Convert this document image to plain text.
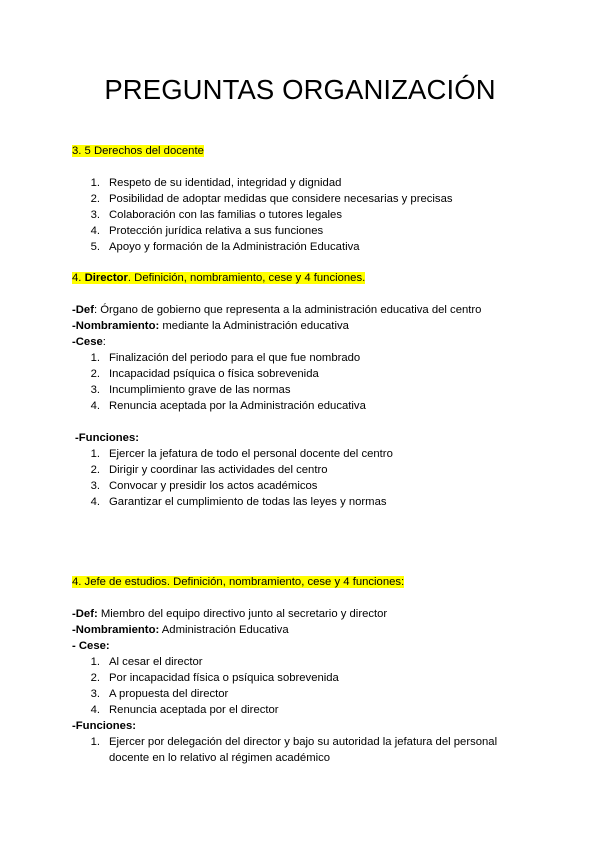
PREGUNTAS ORGANIZACIÓN
3. 5 Derechos del docente
1. Respeto de su identidad, integridad y dignidad
2. Posibilidad de adoptar medidas que considere necesarias y precisas
3. Colaboración con las familias o tutores legales
4. Protección jurídica relativa a sus funciones
5. Apoyo y formación de la Administración Educativa
4. Director. Definición, nombramiento, cese y 4 funciones.
-Def: Órgano de gobierno que representa a la administración educativa del centro
-Nombramiento: mediante la Administración educativa
-Cese:
1. Finalización del periodo para el que fue nombrado
2. Incapacidad psíquica o física sobrevenida
3. Incumplimiento grave de las normas
4. Renuncia aceptada por la Administración educativa
-Funciones:
1. Ejercer la jefatura de todo el personal docente del centro
2. Dirigir y coordinar las actividades del centro
3. Convocar y presidir los actos académicos
4. Garantizar el cumplimiento de todas las leyes y normas
4. Jefe de estudios. Definición, nombramiento, cese y 4 funciones:
-Def: Miembro del equipo directivo junto al secretario y director
-Nombramiento: Administración Educativa
- Cese:
1. Al cesar el director
2. Por incapacidad física o psíquica sobrevenida
3. A propuesta del director
4. Renuncia aceptada por el director
-Funciones:
1. Ejercer por delegación del director y bajo su autoridad la jefatura del personal
docente en lo relativo al régimen académico
